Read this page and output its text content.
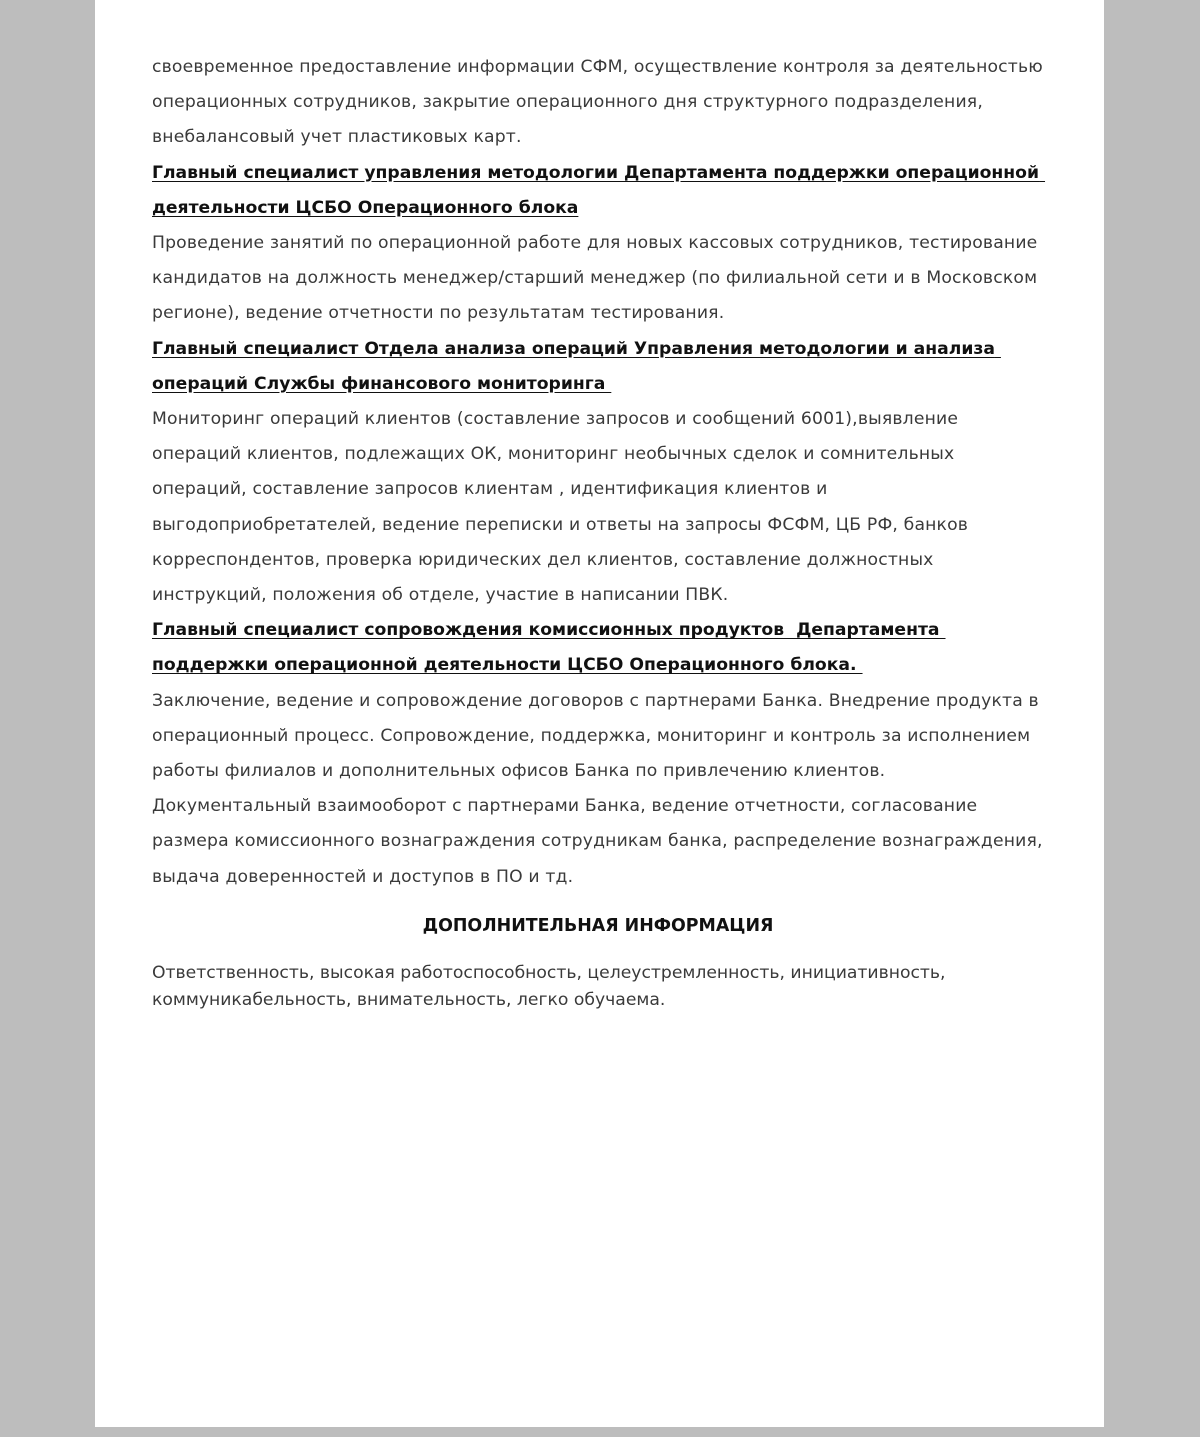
своевременное предоставление информации СФМ, осуществление контроля за деятельностью операционных сотрудников, закрытие операционного дня структурного подразделения, внебалансовый учет пластиковых карт.

Главный специалист управления методологии Департамента поддержки операционной деятельности ЦСБО Операционного блока

Проведение занятий по операционной работе для новых кассовых сотрудников, тестирование кандидатов на должность менеджер/старший менеджер (по филиальной сети и в Московском регионе), ведение отчетности по результатам тестирования.

Главный специалист Отдела анализа операций Управления методологии и анализа операций Службы финансового мониторинга

Мониторинг операций клиентов (составление запросов и сообщений 6001),выявление операций клиентов, подлежащих ОК, мониторинг необычных сделок и сомнительных операций, составление запросов клиентам , идентификация клиентов и выгодоприобретателей, ведение переписки и ответы на запросы ФСФМ, ЦБ РФ, банков корреспондентов, проверка юридических дел клиентов, составление должностных инструкций, положения об отделе, участие в написании ПВК.

Главный специалист сопровождения комиссионных продуктов  Департамента поддержки операционной деятельности ЦСБО Операционного блока.

Заключение, ведение и сопровождение договоров с партнерами Банка. Внедрение продукта в операционный процесс. Сопровождение, поддержка, мониторинг и контроль за исполнением работы филиалов и дополнительных офисов Банка по привлечению клиентов. Документальный взаимооборот с партнерами Банка, ведение отчетности, согласование размера комиссионного вознаграждения сотрудникам банка, распределение вознаграждения, выдача доверенностей и доступов в ПО и тд.

ДОПОЛНИТЕЛЬНАЯ ИНФОРМАЦИЯ

Ответственность, высокая работоспособность, целеустремленность, инициативность, коммуникабельность, внимательность, легко обучаема.
